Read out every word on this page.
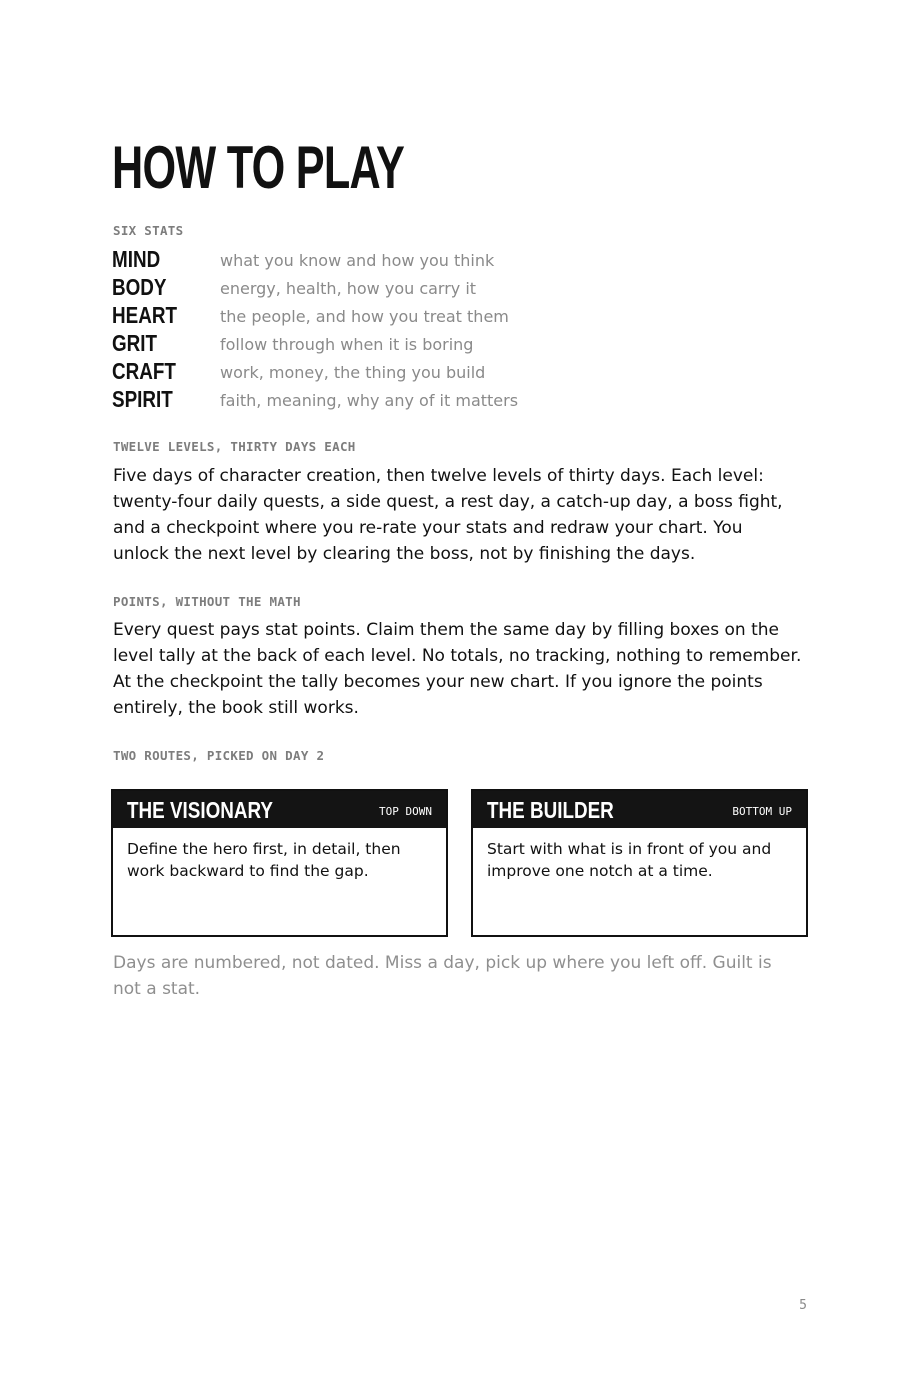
HOW TO PLAY
SIX STATS
MIND	what you know and how you think
BODY	energy, health, how you carry it
HEART	the people, and how you treat them
GRIT	follow through when it is boring
CRAFT	work, money, the thing you build
SPIRIT	faith, meaning, why any of it matters
TWELVE LEVELS, THIRTY DAYS EACH

Five days of character creation, then twelve levels of thirty days. Each level: twenty-four daily quests, a side quest, a rest day, a catch-up day, a boss fight, and a checkpoint where you re-rate your stats and redraw your chart. You unlock the next level by clearing the boss, not by finishing the days.

POINTS, WITHOUT THE MATH

Every quest pays stat points. Claim them the same day by filling boxes on the level tally at the back of each level. No totals, no tracking, nothing to remember. At the checkpoint the tally becomes your new chart. If you ignore the points entirely, the book still works.

TWO ROUTES, PICKED ON DAY 2
THE VISIONARY	TOP DOWN
Define the hero first, in detail, then work backward to find the gap.
THE BUILDER	BOTTOM UP
Start with what is in front of you and improve one notch at a time.

Days are numbered, not dated. Miss a day, pick up where you left off. Guilt is not a stat.

5
